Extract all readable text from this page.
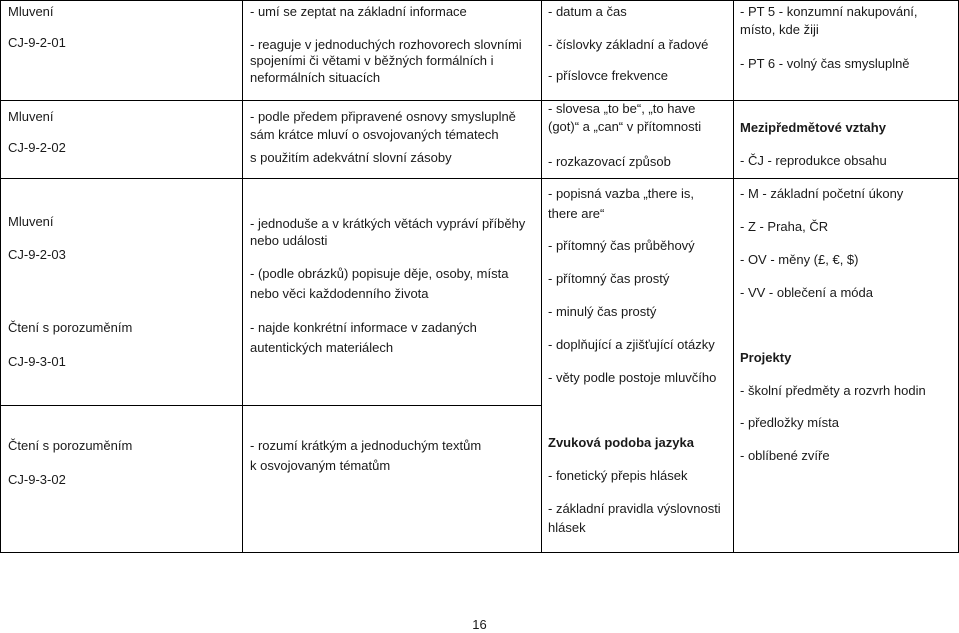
Mluvení
CJ-9-2-01
- umí se zeptat na základní informace
- reaguje v jednoduchých rozhovorech slovními
spojeními či větami v běžných formálních i
neformálních situacích
- datum a čas
- číslovky základní a řadové
- příslovce frekvence
- PT 5 - konzumní nakupování,
místo, kde žiji
- PT 6 - volný čas smysluplně
Mluvení
CJ-9-2-02
- podle předem připravené osnovy smysluplně
sám krátce mluví o osvojovaných tématech
s použitím adekvátní slovní zásoby
- slovesa „to be“, „to have
(got)“ a „can“ v přítomnosti
- rozkazovací způsob
Mezipředmětové vztahy
- ČJ - reprodukce obsahu
Mluvení
CJ-9-2-03
Čtení s porozuměním
CJ-9-3-01
- jednoduše a v krátkých větách vypráví příběhy
nebo události
- (podle obrázků) popisuje děje, osoby, místa
nebo věci každodenního života
- najde konkrétní informace v zadaných
autentických materiálech
- popisná vazba „there is,
there are“
- přítomný čas průběhový
- přítomný čas prostý
- minulý čas prostý
- doplňující a zjišťující otázky
- věty podle postoje mluvčího
- M - základní početní úkony
- Z - Praha, ČR
- OV - měny (£, €, $)
- VV - oblečení a móda
Projekty
- školní předměty a rozvrh hodin
- předložky místa
- oblíbené zvíře
Čtení s porozuměním
CJ-9-3-02
- rozumí krátkým a jednoduchým textům
k osvojovaným tématům
Zvuková podoba jazyka
- fonetický přepis hlásek
- základní pravidla výslovnosti
hlásek
16
